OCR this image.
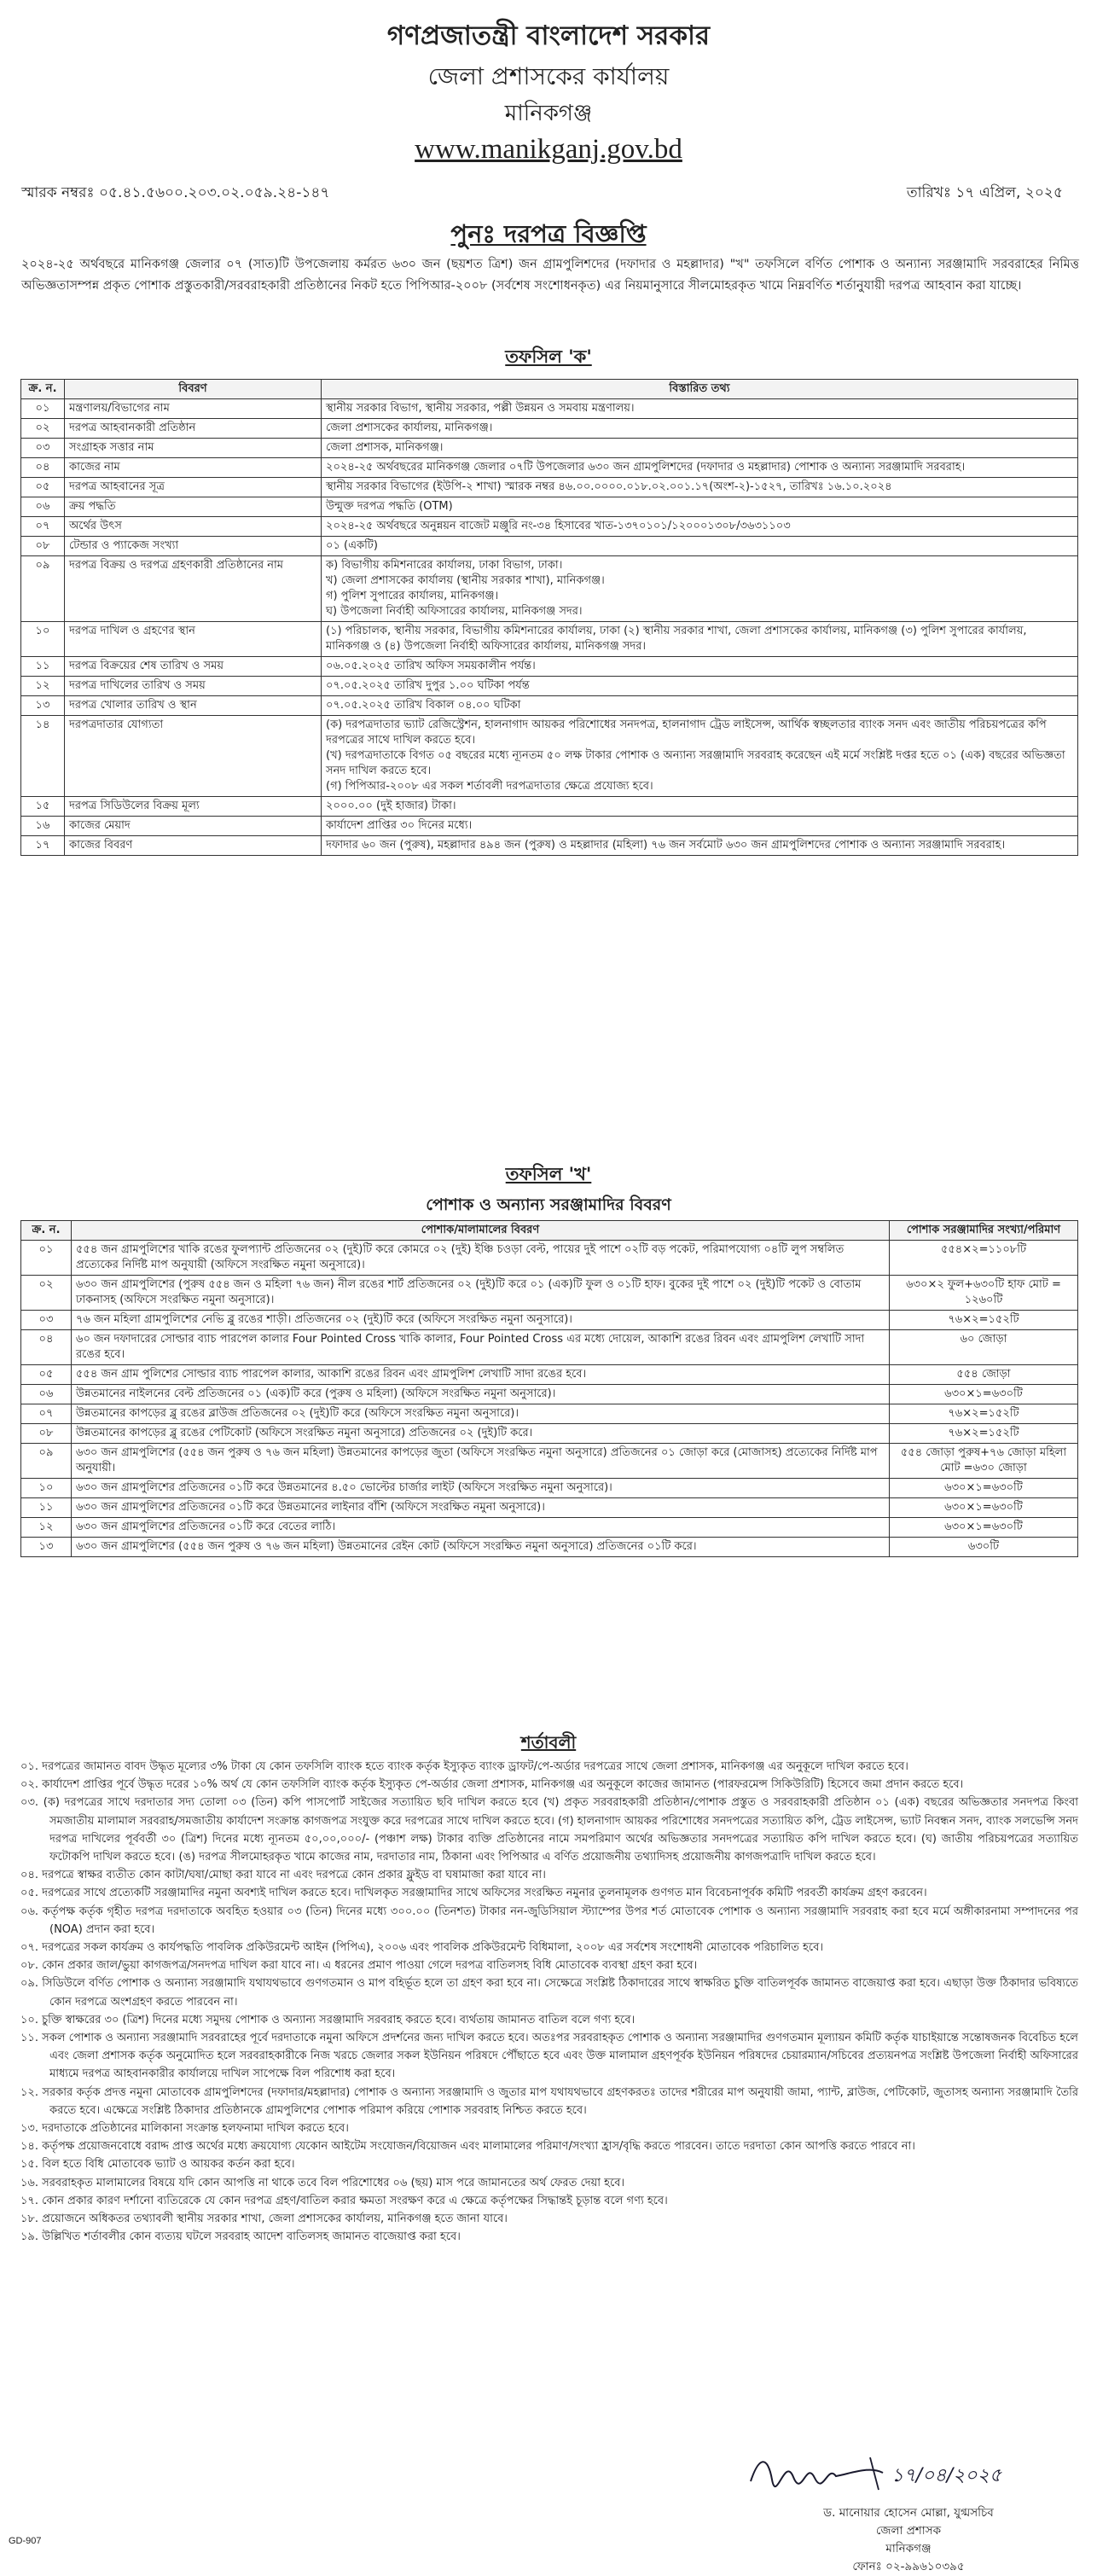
গণপ্রজাতন্ত্রী বাংলাদেশ সরকার
জেলা প্রশাসকের কার্যালয়
মানিকগঞ্জ
www.manikganj.gov.bd
স্মারক নম্বরঃ ০৫.৪১.৫৬০০.২০৩.০২.০৫৯.২৪-১৪৭	তারিখঃ ১৭ এপ্রিল, ২০২৫
পুনঃ দরপত্র বিজ্ঞপ্তি
২০২৪-২৫ অর্থবছরে মানিকগঞ্জ জেলার ০৭ (সাত)টি উপজেলায় কর্মরত ৬৩০ জন (ছয়শত ত্রিশ) জন গ্রামপুলিশদের (দফাদার ও মহল্লাদার) "খ" তফসিলে বর্ণিত পোশাক ও অন্যান্য সরঞ্জামাদি সরবরাহের নিমিত্ত অভিজ্ঞতাসম্পন্ন প্রকৃত পোশাক প্রস্তুতকারী/সরবরাহকারী প্রতিষ্ঠানের নিকট হতে পিপিআর-২০০৮ (সর্বশেষ সংশোধনকৃত) এর নিয়মানুসারে সীলমোহরকৃত খামে নিম্নবর্ণিত শর্তানুযায়ী দরপত্র আহবান করা যাচ্ছে।
তফসিল 'ক'
ক্র. ন.	বিবরণ	বিস্তারিত তথ্য
০১	মন্ত্রণালয়/বিভাগের নাম	স্থানীয় সরকার বিভাগ, স্থানীয় সরকার, পল্লী উন্নয়ন ও সমবায় মন্ত্রণালয়।
০২	দরপত্র আহবানকারী প্রতিষ্ঠান	জেলা প্রশাসকের কার্যালয়, মানিকগঞ্জ।
০৩	সংগ্রাহক সত্তার নাম	জেলা প্রশাসক, মানিকগঞ্জ।
০৪	কাজের নাম	২০২৪-২৫ অর্থবছরের মানিকগঞ্জ জেলার ০৭টি উপজেলার ৬৩০ জন গ্রামপুলিশদের (দফাদার ও মহল্লাদার) পোশাক ও অন্যান্য সরঞ্জামাদি সরবরাহ।
০৫	দরপত্র আহবানের সূত্র	স্থানীয় সরকার বিভাগের (ইউপি-২ শাখা) স্মারক নম্বর ৪৬.০০.০০০০.০১৮.০২.০০১.১৭(অংশ-২)-১৫২৭, তারিখঃ ১৬.১০.২০২৪
০৬	ক্রয় পদ্ধতি	উন্মুক্ত দরপত্র পদ্ধতি (OTM)
০৭	অর্থের উৎস	২০২৪-২৫ অর্থবছরে অনুন্নয়ন বাজেট মঞ্জুরি নং-৩৪ হিসাবের খাত-১৩৭০১০১/১২০০০১৩০৮/৩৬৩১১০৩
০৮	টেন্ডার ও প্যাকেজ সংখ্যা	০১ (একটি)
০৯	দরপত্র বিক্রয় ও দরপত্র গ্রহণকারী প্রতিষ্ঠানের নাম	ক) বিভাগীয় কমিশনারের কার্যালয়, ঢাকা বিভাগ, ঢাকা।
খ) জেলা প্রশাসকের কার্যালয় (স্থানীয় সরকার শাখা), মানিকগঞ্জ।
গ) পুলিশ সুপারের কার্যালয়, মানিকগঞ্জ।
ঘ) উপজেলা নির্বাহী অফিসারের কার্যালয়, মানিকগঞ্জ সদর।
১০	দরপত্র দাখিল ও গ্রহণের স্থান	(১) পরিচালক, স্থানীয় সরকার, বিভাগীয় কমিশনারের কার্যালয়, ঢাকা (২) স্থানীয় সরকার শাখা, জেলা প্রশাসকের কার্যালয়, মানিকগঞ্জ (৩) পুলিশ সুপারের কার্যালয়, মানিকগঞ্জ ও (৪) উপজেলা নির্বাহী অফিসারের কার্যালয়, মানিকগঞ্জ সদর।
১১	দরপত্র বিক্রয়ের শেষ তারিখ ও সময়	০৬.০৫.২০২৫ তারিখ অফিস সময়কালীন পর্যন্ত।
১২	দরপত্র দাখিলের তারিখ ও সময়	০৭.০৫.২০২৫ তারিখ দুপুর ১.০০ ঘটিকা পর্যন্ত
১৩	দরপত্র খোলার তারিখ ও স্থান	০৭.০৫.২০২৫ তারিখ বিকাল ০৪.০০ ঘটিকা
১৪	দরপত্রদাতার যোগ্যতা	(ক) দরপত্রদাতার ভ্যাট রেজিস্ট্রেশন, হালনাগাদ আয়কর পরিশোধের সনদপত্র, হালনাগাদ ট্রেড লাইসেন্স, আর্থিক স্বচ্ছলতার ব্যাংক সনদ এবং জাতীয় পরিচয়পত্রের কপি দরপত্রের সাথে দাখিল করতে হবে।
(খ) দরপত্রদাতাকে বিগত ০৫ বছরের মধ্যে ন্যূনতম ৫০ লক্ষ টাকার পোশাক ও অন্যান্য সরঞ্জামাদি সরবরাহ করেছেন এই মর্মে সংশ্লিষ্ট দপ্তর হতে ০১ (এক) বছরের অভিজ্ঞতা সনদ দাখিল করতে হবে।
(গ) পিপিআর-২০০৮ এর সকল শর্তাবলী দরপত্রদাতার ক্ষেত্রে প্রযোজ্য হবে।
১৫	দরপত্র সিডিউলের বিক্রয় মূল্য	২০০০.০০ (দুই হাজার) টাকা।
১৬	কাজের মেয়াদ	কার্যাদেশ প্রাপ্তির ৩০ দিনের মধ্যে।
১৭	কাজের বিবরণ	দফাদার ৬০ জন (পুরুষ), মহল্লাদার ৪৯৪ জন (পুরুষ) ও মহল্লাদার (মহিলা) ৭৬ জন সর্বমোট ৬৩০ জন গ্রামপুলিশদের পোশাক ও অন্যান্য সরঞ্জামাদি সরবরাহ।
তফসিল 'খ'
পোশাক ও অন্যান্য সরঞ্জামাদির বিবরণ
ক্র. ন.	পোশাক/মালামালের বিবরণ	পোশাক সরঞ্জামাদির সংখ্যা/পরিমাণ
০১	৫৫৪ জন গ্রামপুলিশের খাকি রঙের ফুলপ্যান্ট প্রতিজনের ০২ (দুই)টি করে কোমরে ০২ (দুই) ইঞ্চি চওড়া বেল্ট, পায়ের দুই পাশে ০২টি বড় পকেট, পরিমাপযোগ্য ০৪টি লুপ সম্বলিত প্রত্যেকের নির্দিষ্ট মাপ অনুযায়ী (অফিসে সংরক্ষিত নমুনা অনুসারে)।	৫৫৪×২=১১০৮টি
০২	৬৩০ জন গ্রামপুলিশের (পুরুষ ৫৫৪ জন ও মহিলা ৭৬ জন) নীল রঙের শার্ট প্রতিজনের ০২ (দুই)টি করে ০১ (এক)টি ফুল ও ০১টি হাফ। বুকের দুই পাশে ০২ (দুই)টি পকেট ও বোতাম ঢাকনাসহ (অফিসে সংরক্ষিত নমুনা অনুসারে)।	৬৩০×২ ফুল+৬৩০টি হাফ মোট = ১২৬০টি
০৩	৭৬ জন মহিলা গ্রামপুলিশের নেভি ব্লু রঙের শাড়ী। প্রতিজনের ০২ (দুই)টি করে (অফিসে সংরক্ষিত নমুনা অনুসারে)।	৭৬×২=১৫২টি
০৪	৬০ জন দফাদারের সোল্ডার ব্যাচ পারপেল কালার Four Pointed Cross খাকি কালার, Four Pointed Cross এর মধ্যে দোয়েল, আকাশি রঙের রিবন এবং গ্রামপুলিশ লেখাটি সাদা রঙের হবে।	৬০ জোড়া
০৫	৫৫৪ জন গ্রাম পুলিশের সোল্ডার ব্যাচ পারপেল কালার, আকাশি রঙের রিবন এবং গ্রামপুলিশ লেখাটি সাদা রঙের হবে।	৫৫৪ জোড়া
০৬	উন্নতমানের নাইলনের বেল্ট প্রতিজনের ০১ (এক)টি করে (পুরুষ ও মহিলা) (অফিসে সংরক্ষিত নমুনা অনুসারে)।	৬৩০×১=৬৩০টি
০৭	উন্নতমানের কাপড়ের ব্লু রঙের ব্লাউজ প্রতিজনের ০২ (দুই)টি করে (অফিসে সংরক্ষিত নমুনা অনুসারে)।	৭৬×২=১৫২টি
০৮	উন্নতমানের কাপড়ের ব্লু রঙের পেটিকোট (অফিসে সংরক্ষিত নমুনা অনুসারে) প্রতিজনের ০২ (দুই)টি করে।	৭৬×২=১৫২টি
০৯	৬৩০ জন গ্রামপুলিশের (৫৫৪ জন পুরুষ ও ৭৬ জন মহিলা) উন্নতমানের কাপড়ের জুতা (অফিসে সংরক্ষিত নমুনা অনুসারে) প্রতিজনের ০১ জোড়া করে (মোজাসহ) প্রত্যেকের নির্দিষ্ট মাপ অনুযায়ী।	৫৫৪ জোড়া পুরুষ+৭৬ জোড়া মহিলা মোট =৬৩০ জোড়া
১০	৬৩০ জন গ্রামপুলিশের প্রতিজনের ০১টি করে উন্নতমানের ৪.৫০ ভোল্টের চার্জার লাইট (অফিসে সংরক্ষিত নমুনা অনুসারে)।	৬৩০×১=৬৩০টি
১১	৬৩০ জন গ্রামপুলিশের প্রতিজনের ০১টি করে উন্নতমানের লাইনার বাঁশি (অফিসে সংরক্ষিত নমুনা অনুসারে)।	৬৩০×১=৬৩০টি
১২	৬৩০ জন গ্রামপুলিশের প্রতিজনের ০১টি করে বেতের লাঠি।	৬৩০×১=৬৩০টি
১৩	৬৩০ জন গ্রামপুলিশের (৫৫৪ জন পুরুষ ও ৭৬ জন মহিলা) উন্নতমানের রেইন কোট (অফিসে সংরক্ষিত নমুনা অনুসারে) প্রতিজনের ০১টি করে।	৬৩০টি
শর্তাবলী
০১. দরপত্রের জামানত বাবদ উদ্ধৃত মূল্যের ৩% টাকা যে কোন তফসিলি ব্যাংক হতে ব্যাংক কর্তৃক ইস্যুকৃত ব্যাংক ড্রাফট/পে-অর্ডার দরপত্রের সাথে জেলা প্রশাসক, মানিকগঞ্জ এর অনুকূলে দাখিল করতে হবে।
০২. কার্যাদেশ প্রাপ্তির পূর্বে উদ্ধৃত দরের ১০% অর্থ যে কোন তফসিলি ব্যাংক কর্তৃক ইস্যুকৃত পে-অর্ডার জেলা প্রশাসক, মানিকগঞ্জ এর অনুকূলে কাজের জামানত (পারফরমেন্স সিকিউরিটি) হিসেবে জমা প্রদান করতে হবে।
০৩. (ক) দরপত্রের সাথে দরদাতার সদ্য তোলা ০৩ (তিন) কপি পাসপোর্ট সাইজের সত্যায়িত ছবি দাখিল করতে হবে (খ) প্রকৃত সরবরাহকারী প্রতিষ্ঠান/পোশাক প্রস্তুত ও সরবরাহকারী প্রতিষ্ঠান ০১ (এক) বছরের অভিজ্ঞতার সনদপত্র কিংবা সমজাতীয় মালামাল সরবরাহ/সমজাতীয় কার্যাদেশ সংক্রান্ত কাগজপত্র সংযুক্ত করে দরপত্রের সাথে দাখিল করতে হবে। (গ) হালনাগাদ আয়কর পরিশোধের সনদপত্রের সত্যায়িত কপি, ট্রেড লাইসেন্স, ভ্যাট নিবন্ধন সনদ, ব্যাংক সলভেন্সি সনদ দরপত্র দাখিলের পূর্ববর্তী ৩০ (ত্রিশ) দিনের মধ্যে ন্যূনতম ৫০,০০,০০০/- (পঞ্চাশ লক্ষ) টাকার ব্যক্তি প্রতিষ্ঠানের নামে সমপরিমাণ অর্থের অভিজ্ঞতার সনদপত্রের সত্যায়িত কপি দাখিল করতে হবে। (ঘ) জাতীয় পরিচয়পত্রের সত্যায়িত ফটোকপি দাখিল করতে হবে। (ঙ) দরপত্র সীলমোহরকৃত খামে কাজের নাম, দরদাতার নাম, ঠিকানা এবং পিপিআর এ বর্ণিত প্রয়োজনীয় তথ্যাদিসহ প্রয়োজনীয় কাগজপত্রাদি দাখিল করতে হবে।
০৪. দরপত্রে স্বাক্ষর ব্যতীত কোন কাটা/ঘষা/মোছা করা যাবে না এবং দরপত্রে কোন প্রকার ফ্লুইড বা ঘষামাজা করা যাবে না।
০৫. দরপত্রের সাথে প্রত্যেকটি সরঞ্জামাদির নমুনা অবশ্যই দাখিল করতে হবে। দাখিলকৃত সরঞ্জামাদির সাথে অফিসের সংরক্ষিত নমুনার তুলনামূলক গুণগত মান বিবেচনাপূর্বক কমিটি পরবর্তী কার্যক্রম গ্রহণ করবেন।
০৬. কর্তৃপক্ষ কর্তৃক গৃহীত দরপত্র দরদাতাকে অবহিত হওয়ার ০৩ (তিন) দিনের মধ্যে ৩০০.০০ (তিনশত) টাকার নন-জুডিসিয়াল স্ট্যাম্পের উপর শর্ত মোতাবেক পোশাক ও অন্যান্য সরঞ্জামাদি সরবরাহ করা হবে মর্মে অঙ্গীকারনামা সম্পাদনের পর (NOA) প্রদান করা হবে।
০৭. দরপত্রের সকল কার্যক্রম ও কার্যপদ্ধতি পাবলিক প্রকিউরমেন্ট আইন (পিপিএ), ২০০৬ এবং পাবলিক প্রকিউরমেন্ট বিধিমালা, ২০০৮ এর সর্বশেষ সংশোধনী মোতাবেক পরিচালিত হবে।
০৮. কোন প্রকার জাল/ভুয়া কাগজপত্র/সনদপত্র দাখিল করা যাবে না। এ ধরনের প্রমাণ পাওয়া গেলে দরপত্র বাতিলসহ বিধি মোতাবেক ব্যবস্থা গ্রহণ করা হবে।
০৯. সিডিউলে বর্ণিত পোশাক ও অন্যান্য সরঞ্জামাদি যথাযথভাবে গুণগতমান ও মাপ বহির্ভূত হলে তা গ্রহণ করা হবে না। সেক্ষেত্রে সংশ্লিষ্ট ঠিকাদারের সাথে স্বাক্ষরিত চুক্তি বাতিলপূর্বক জামানত বাজেয়াপ্ত করা হবে। এছাড়া উক্ত ঠিকাদার ভবিষ্যতে কোন দরপত্রে অংশগ্রহণ করতে পারবেন না।
১০. চুক্তি স্বাক্ষরের ৩০ (ত্রিশ) দিনের মধ্যে সমুদয় পোশাক ও অন্যান্য সরঞ্জামাদি সরবরাহ করতে হবে। ব্যর্থতায় জামানত বাতিল বলে গণ্য হবে।
১১. সকল পোশাক ও অন্যান্য সরঞ্জামাদি সরবরাহের পূর্বে দরদাতাকে নমুনা অফিসে প্রদর্শনের জন্য দাখিল করতে হবে। অতঃপর সরবরাহকৃত পোশাক ও অন্যান্য সরঞ্জামাদির গুণগতমান মূল্যায়ন কমিটি কর্তৃক যাচাইয়ান্তে সন্তোষজনক বিবেচিত হলে এবং জেলা প্রশাসক কর্তৃক অনুমোদিত হলে সরবরাহকারীকে নিজ খরচে জেলার সকল ইউনিয়ন পরিষদে পৌঁছাতে হবে এবং উক্ত মালামাল গ্রহণপূর্বক ইউনিয়ন পরিষদের চেয়ারম্যান/সচিবের প্রত্যয়নপত্র সংশ্লিষ্ট উপজেলা নির্বাহী অফিসারের মাধ্যমে দরপত্র আহবানকারীর কার্যালয়ে দাখিল সাপেক্ষে বিল পরিশোধ করা হবে।
১২. সরকার কর্তৃক প্রদত্ত নমুনা মোতাবেক গ্রামপুলিশদের (দফাদার/মহল্লাদার) পোশাক ও অন্যান্য সরঞ্জামাদি ও জুতার মাপ যথাযথভাবে গ্রহণকরতঃ তাদের শরীরের মাপ অনুযায়ী জামা, প্যান্ট, ব্লাউজ, পেটিকোট, জুতাসহ অন্যান্য সরঞ্জামাদি তৈরি করতে হবে। এক্ষেত্রে সংশ্লিষ্ট ঠিকাদার প্রতিষ্ঠানকে গ্রামপুলিশের পোশাক পরিমাপ করিয়ে পোশাক সরবরাহ নিশ্চিত করতে হবে।
১৩. দরদাতাকে প্রতিষ্ঠানের মালিকানা সংক্রান্ত হলফনামা দাখিল করতে হবে।
১৪. কর্তৃপক্ষ প্রয়োজনবোধে বরাদ্দ প্রাপ্ত অর্থের মধ্যে ক্রয়যোগ্য যেকোন আইটেম সংযোজন/বিয়োজন এবং মালামালের পরিমাণ/সংখ্যা হ্রাস/বৃদ্ধি করতে পারবেন। তাতে দরদাতা কোন আপত্তি করতে পারবে না।
১৫. বিল হতে বিধি মোতাবেক ভ্যাট ও আয়কর কর্তন করা হবে।
১৬. সরবরাহকৃত মালামালের বিষয়ে যদি কোন আপত্তি না থাকে তবে বিল পরিশোধের ০৬ (ছয়) মাস পরে জামানতের অর্থ ফেরত দেয়া হবে।
১৭. কোন প্রকার কারণ দর্শানো ব্যতিরেকে যে কোন দরপত্র গ্রহণ/বাতিল করার ক্ষমতা সংরক্ষণ করে এ ক্ষেত্রে কর্তৃপক্ষের সিদ্ধান্তই চূড়ান্ত বলে গণ্য হবে।
১৮. প্রয়োজনে অধিকতর তথ্যাবলী স্থানীয় সরকার শাখা, জেলা প্রশাসকের কার্যালয়, মানিকগঞ্জ হতে জানা যাবে।
১৯. উল্লিখিত শর্তাবলীর কোন ব্যত্যয় ঘটলে সরবরাহ আদেশ বাতিলসহ জামানত বাজেয়াপ্ত করা হবে।
১৭/০৪/২০২৫
ড. মানোয়ার হোসেন মোল্লা, যুগ্মসচিব
জেলা প্রশাসক
মানিকগঞ্জ
ফোনঃ ০২-৯৯৬১০৩৯৫
GD-907
